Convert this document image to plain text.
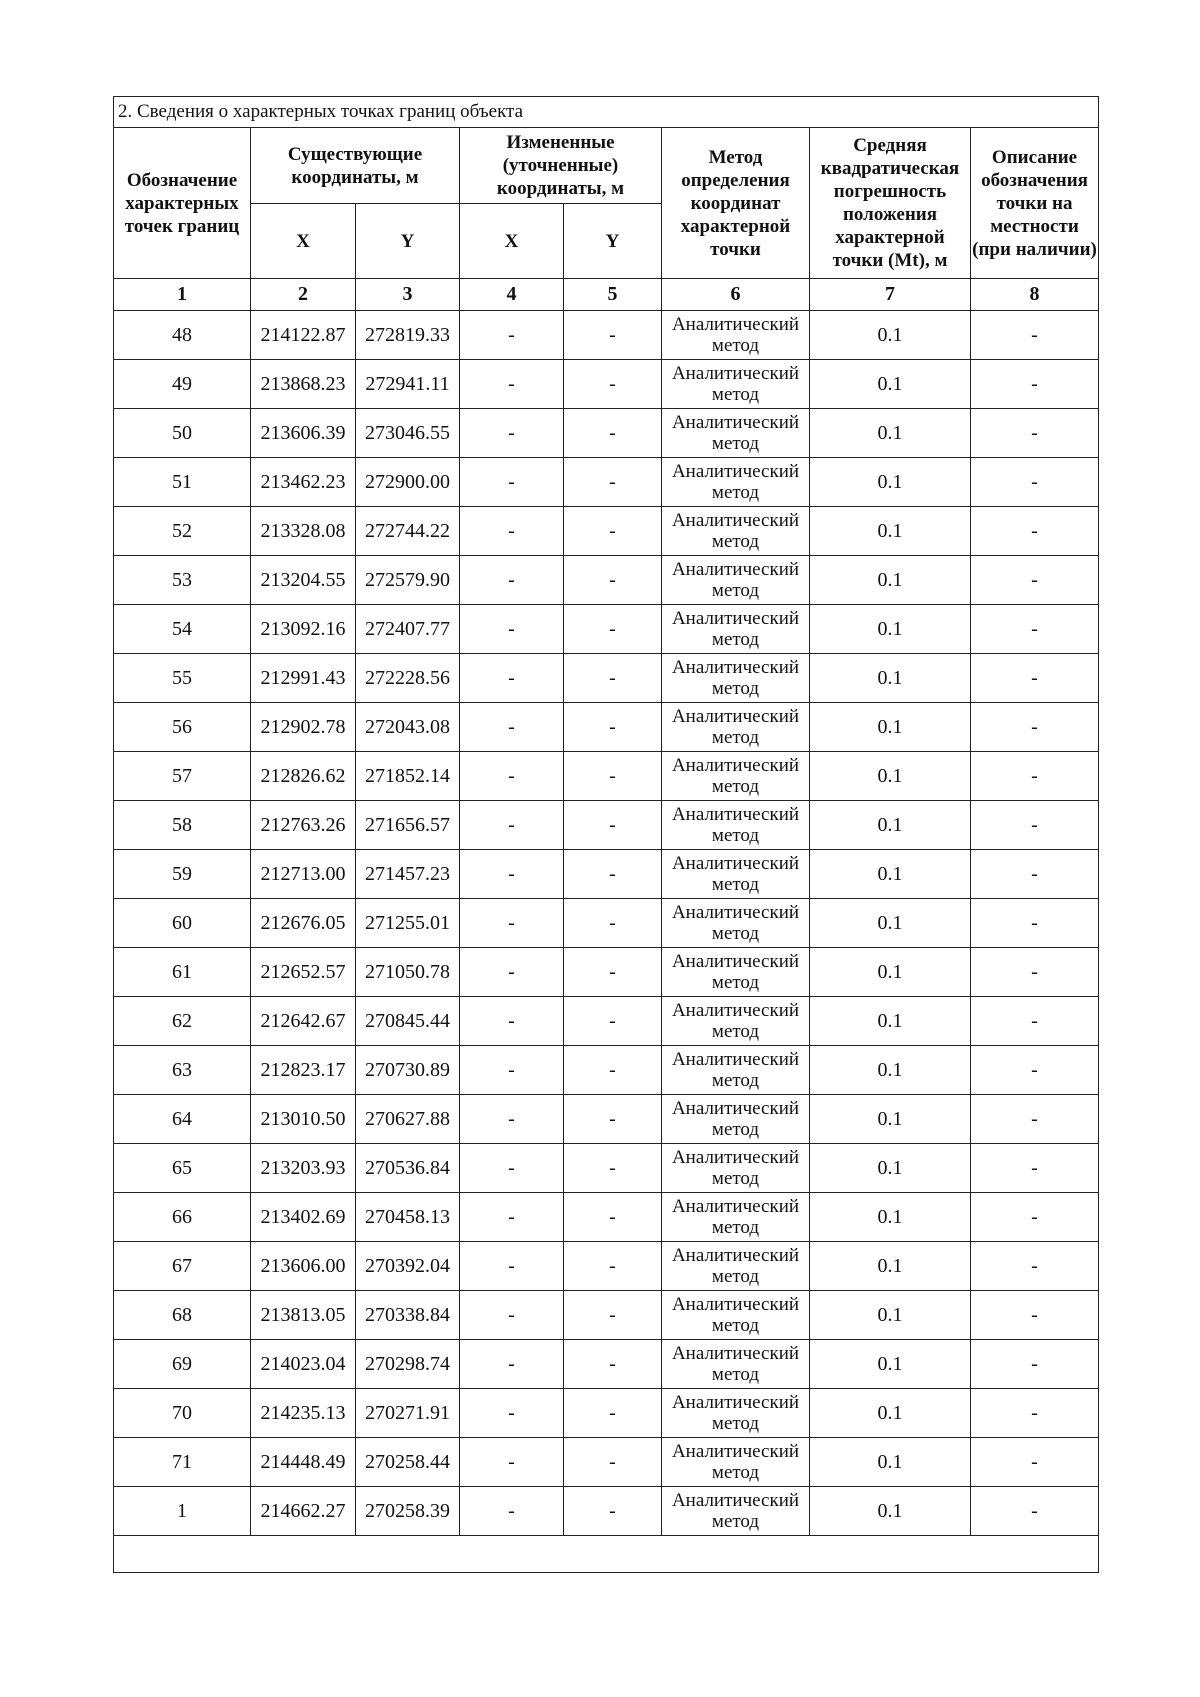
2. Сведения о характерных точках границ объекта							
Обозначение характерных точек границ	Существующие координаты, м		Измененные (уточненные) координаты, м		Метод определения координат характерной точки	Средняя квадратическая погрешность положения характерной точки (Mt), м	Описание обозначения точки на местности (при наличии)
	X	Y	X	Y			
1	2	3	4	5	6	7	8
48	214122.87	272819.33	-	-	Аналитический метод	0.1	-
49	213868.23	272941.11	-	-	Аналитический метод	0.1	-
50	213606.39	273046.55	-	-	Аналитический метод	0.1	-
51	213462.23	272900.00	-	-	Аналитический метод	0.1	-
52	213328.08	272744.22	-	-	Аналитический метод	0.1	-
53	213204.55	272579.90	-	-	Аналитический метод	0.1	-
54	213092.16	272407.77	-	-	Аналитический метод	0.1	-
55	212991.43	272228.56	-	-	Аналитический метод	0.1	-
56	212902.78	272043.08	-	-	Аналитический метод	0.1	-
57	212826.62	271852.14	-	-	Аналитический метод	0.1	-
58	212763.26	271656.57	-	-	Аналитический метод	0.1	-
59	212713.00	271457.23	-	-	Аналитический метод	0.1	-
60	212676.05	271255.01	-	-	Аналитический метод	0.1	-
61	212652.57	271050.78	-	-	Аналитический метод	0.1	-
62	212642.67	270845.44	-	-	Аналитический метод	0.1	-
63	212823.17	270730.89	-	-	Аналитический метод	0.1	-
64	213010.50	270627.88	-	-	Аналитический метод	0.1	-
65	213203.93	270536.84	-	-	Аналитический метод	0.1	-
66	213402.69	270458.13	-	-	Аналитический метод	0.1	-
67	213606.00	270392.04	-	-	Аналитический метод	0.1	-
68	213813.05	270338.84	-	-	Аналитический метод	0.1	-
69	214023.04	270298.74	-	-	Аналитический метод	0.1	-
70	214235.13	270271.91	-	-	Аналитический метод	0.1	-
71	214448.49	270258.44	-	-	Аналитический метод	0.1	-
1	214662.27	270258.39	-	-	Аналитический метод	0.1	-
